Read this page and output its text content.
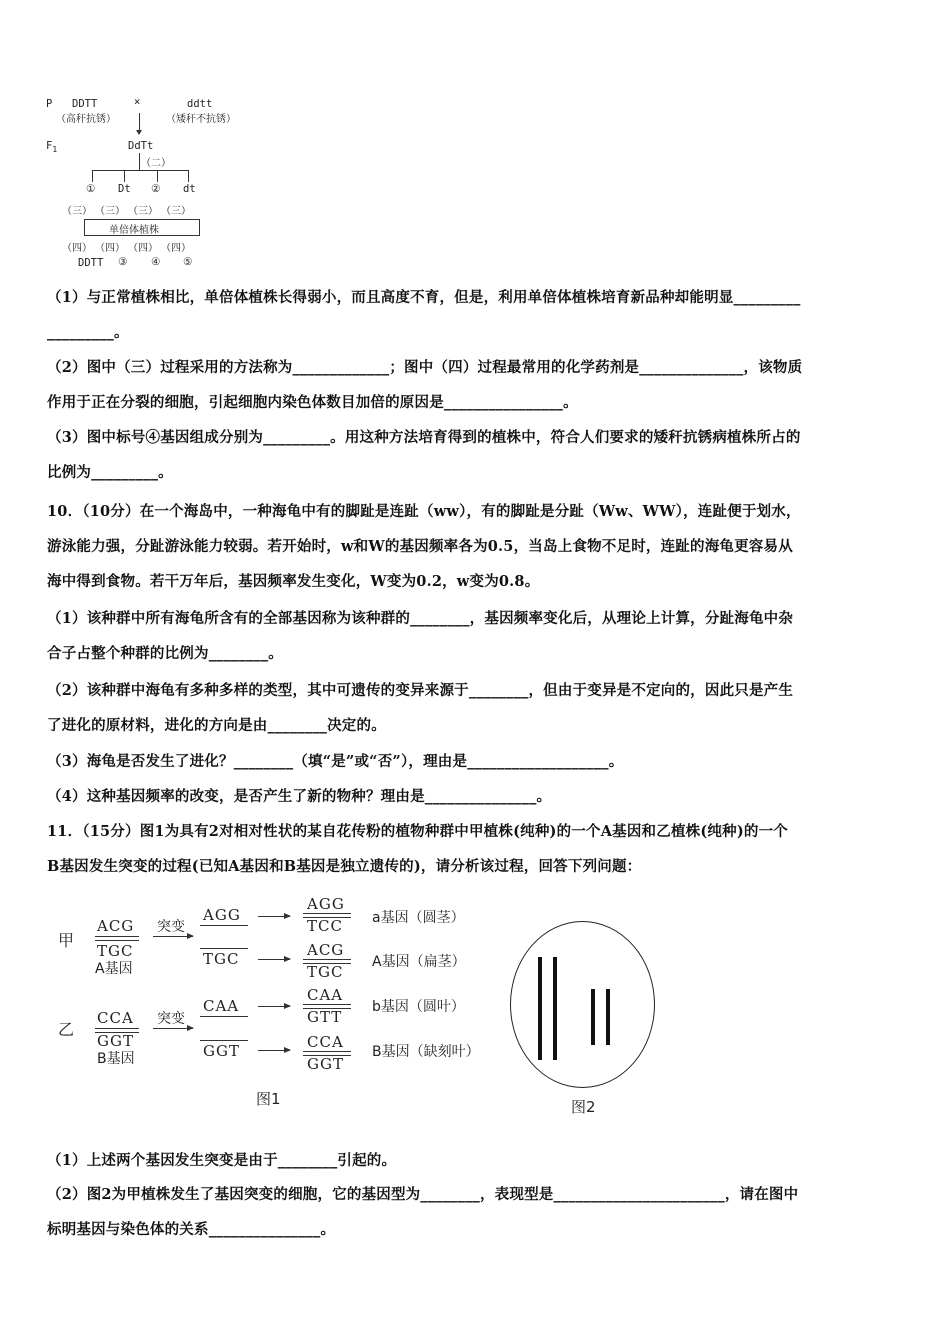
P DDTT	×	ddtt
（高秆抗锈）	（矮秆不抗锈）
$F_1$	DdTt
（二）
① Dt ② dt
（三） （三） （三） （三）
单倍体植株
（四） （四） （四） （四）
DDTT ③ ④ ⑤
（1）与正常植株相比，单倍体植株长得弱小，而且高度不育，但是，利用单倍体植株培育新品种却能明显_________
_________。
（2）图中（三）过程采用的方法称为_____________；图中（四）过程最常用的化学药剂是______________，该物质
作用于正在分裂的细胞，引起细胞内染色体数目加倍的原因是________________。
（3）图中标号④基因组成分别为_________。用这种方法培育得到的植株中，符合人们要求的矮秆抗锈病植株所占的
比例为_________。
10．（10分）在一个海岛中，一种海龟中有的脚趾是连趾（ww），有的脚趾是分趾（Ww、WW），连趾便于划水，
游泳能力强，分趾游泳能力较弱。若开始时，w和W的基因频率各为0.5，当岛上食物不足时，连趾的海龟更容易从
海中得到食物。若干万年后，基因频率发生变化，W变为0.2，w变为0.8。
（1）该种群中所有海龟所含有的全部基因称为该种群的________，基因频率变化后，从理论上计算，分趾海龟中杂
合子占整个种群的比例为________。
（2）该种群中海龟有多种多样的类型，其中可遗传的变异来源于________，但由于变异是不定向的，因此只是产生
了进化的原材料，进化的方向是由________决定的。
（3）海龟是否发生了进化？________（填“是”或“否”），理由是___________________。
（4）这种基因频率的改变，是否产生了新的物种？理由是_______________。
11．（15分）图1为具有2对相对性状的某自花传粉的植物种群中甲植株(纯种)的一个A基因和乙植株(纯种)的一个
B基因发生突变的过程(已知A基因和B基因是独立遗传的)，请分析该过程，回答下列问题：
甲
乙
ACG
TGC
A基因
突变
AGG
AGG
TCC a基因（圆茎）
TGC	ACG
TGC
A基因（扁茎）
CCA
GGT
B基因
突变
CAA
CAA
GTT
b基因（圆叶）
GGT	CCA
GGT
B基因（缺刻叶）
图1	图2
（1）上述两个基因发生突变是由于________引起的。
（2）图2为甲植株发生了基因突变的细胞，它的基因型为________，表现型是_______________________，请在图中
标明基因与染色体的关系_______________。
